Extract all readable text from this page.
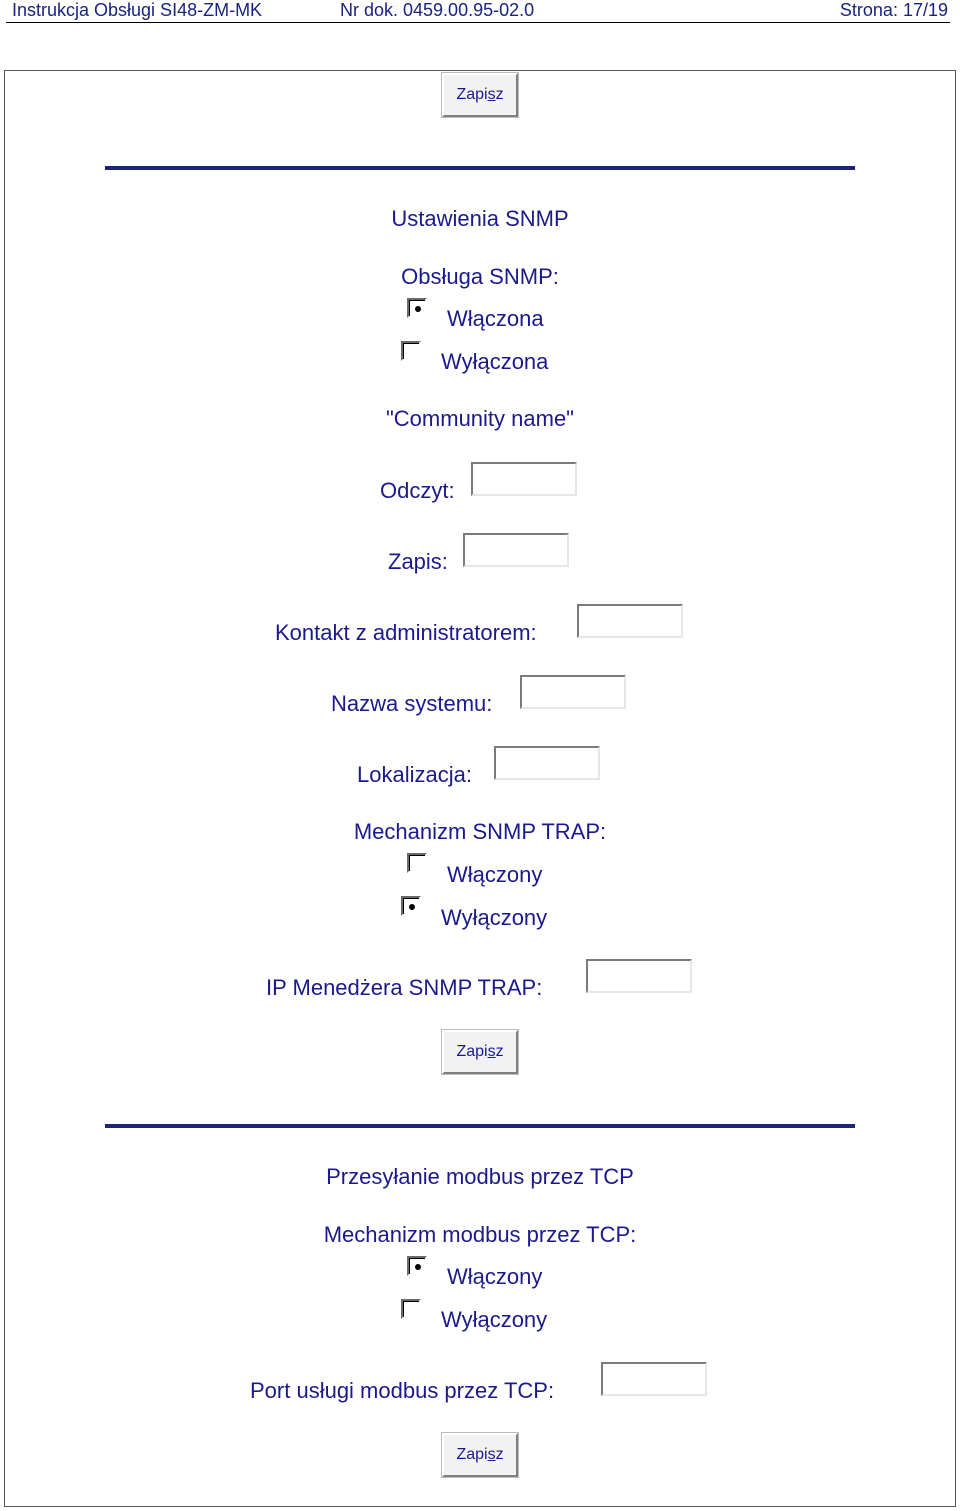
Instrukcja Obsługi SI48-ZM-MK	Nr dok. 0459.00.95-02.0	Strona: 17/19
Zapi s z
Ustawienia SNMP
Obsługa SNMP:
Włączona
Wyłączona
"Community name"
Odczyt:
Zapis:
Kontakt z administratorem:
Nazwa systemu:
Lokalizacja:
Mechanizm SNMP TRAP:
Włączony
Wyłączony
IP Menedżera SNMP TRAP:
Zapi s z
Przesyłanie modbus przez TCP
Mechanizm modbus przez TCP:
Włączony
Wyłączony
Port usługi modbus przez TCP:
Zapi s z
